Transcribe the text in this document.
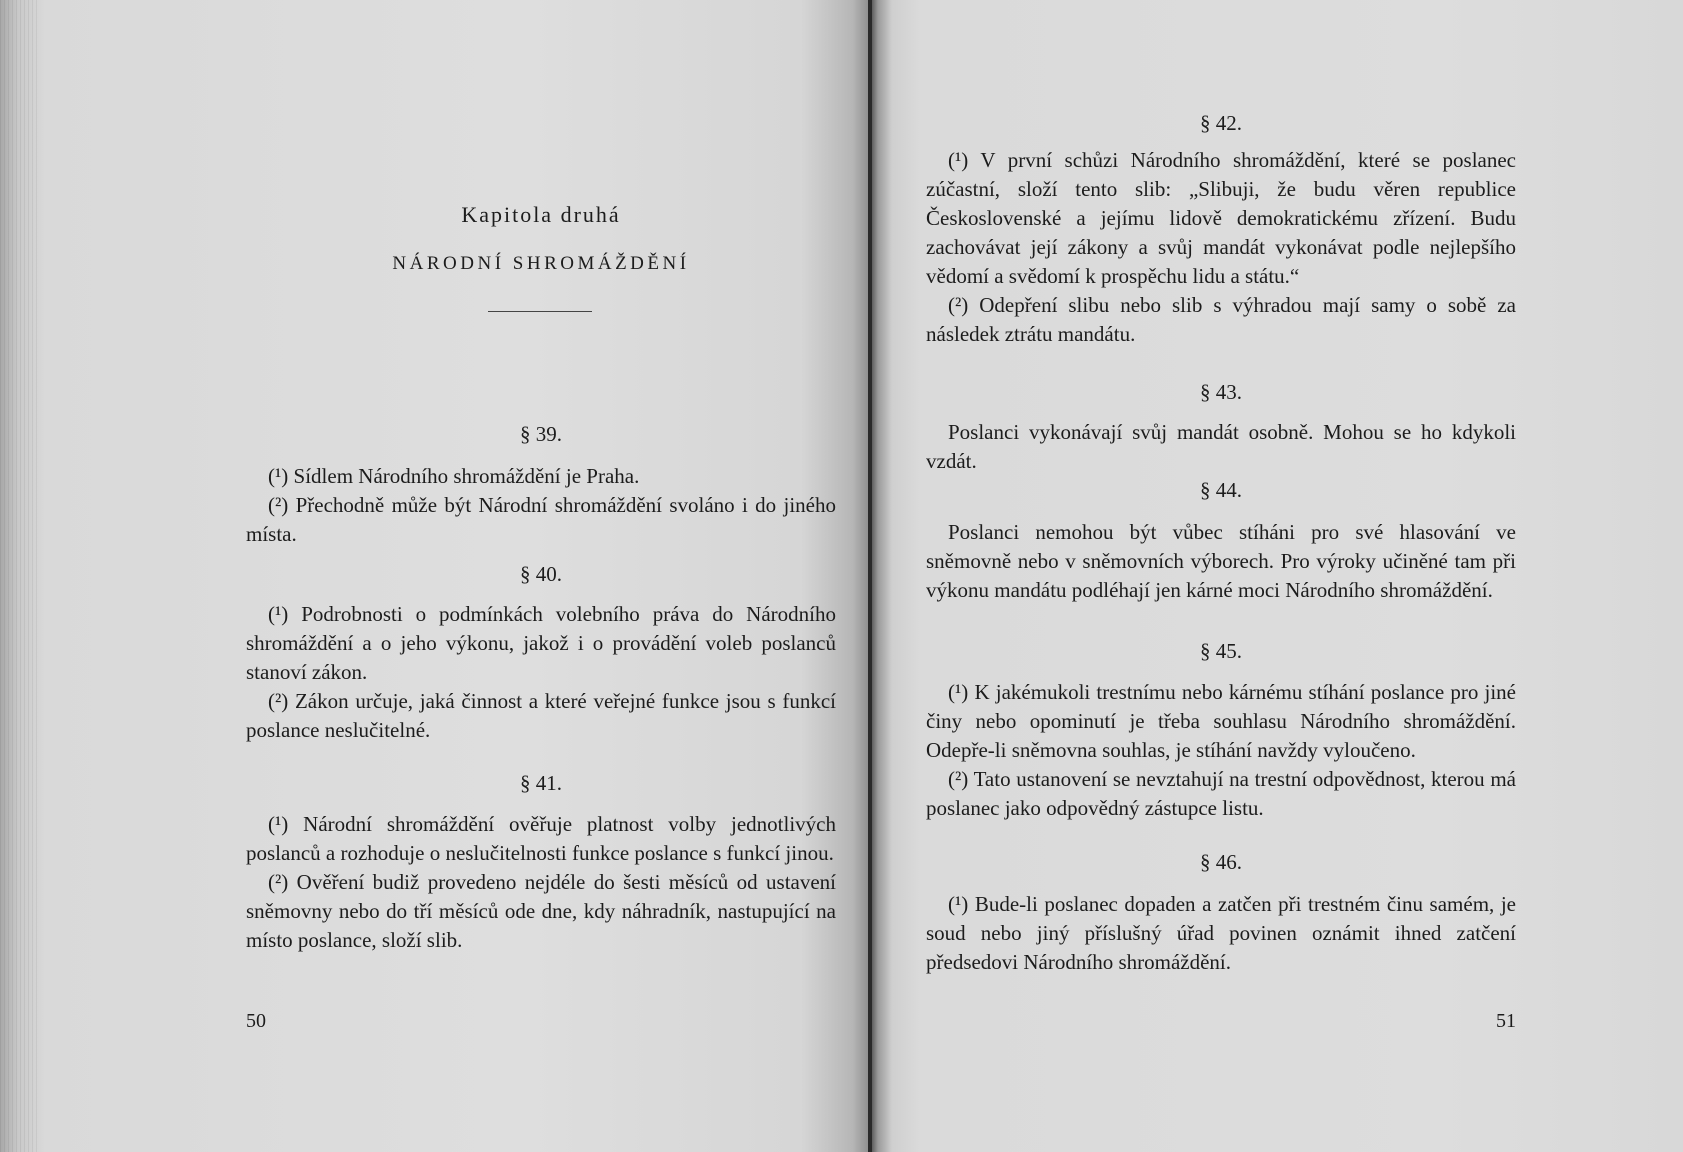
Kapitola druhá
NÁRODNÍ SHROMÁŽDĚNÍ
§ 39.

(¹) Sídlem Národního shromáždění je Praha.

(²) Přechodně může být Národní shromáždění svoláno i do jiného místa.

§ 40.

(¹) Podrobnosti o podmínkách volebního práva do Národního shromáždění a o jeho výkonu, jakož i o provádění voleb poslanců stanoví zákon.

(²) Zákon určuje, jaká činnost a které veřejné funkce jsou s funkcí poslance neslučitelné.

§ 41.

(¹) Národní shromáždění ověřuje platnost volby jednotlivých poslanců a rozhoduje o neslučitelnosti funkce poslance s funkcí jinou.

(²) Ověření budiž provedeno nejdéle do šesti měsíců od ustavení sněmovny nebo do tří měsíců ode dne, kdy náhradník, nastupující na místo poslance, složí slib.

50
§ 42.

(¹) V první schůzi Národního shromáždění, které se poslanec zúčastní, složí tento slib: „Slibuji, že budu věren republice Československé a jejímu lidově demokratickému zřízení. Budu zachovávat její zákony a svůj mandát vykonávat podle nejlepšího vědomí a svědomí k prospěchu lidu a státu.“

(²) Odepření slibu nebo slib s výhradou mají samy o sobě za následek ztrátu mandátu.

§ 43.

Poslanci vykonávají svůj mandát osobně. Mohou se ho kdykoli vzdát.

§ 44.

Poslanci nemohou být vůbec stíháni pro své hlasování ve sněmovně nebo v sněmovních výborech. Pro výroky učiněné tam při výkonu mandátu podléhají jen kárné moci Národního shromáždění.

§ 45.

(¹) K jakémukoli trestnímu nebo kárnému stíhání poslance pro jiné činy nebo opominutí je třeba souhlasu Národního shromáždění. Odepře-li sněmovna souhlas, je stíhání navždy vyloučeno.

(²) Tato ustanovení se nevztahují na trestní odpovědnost, kterou má poslanec jako odpovědný zástupce listu.

§ 46.

(¹) Bude-li poslanec dopaden a zatčen při trestném činu samém, je soud nebo jiný příslušný úřad povinen oznámit ihned zatčení předsedovi Národního shromáždění.

51
